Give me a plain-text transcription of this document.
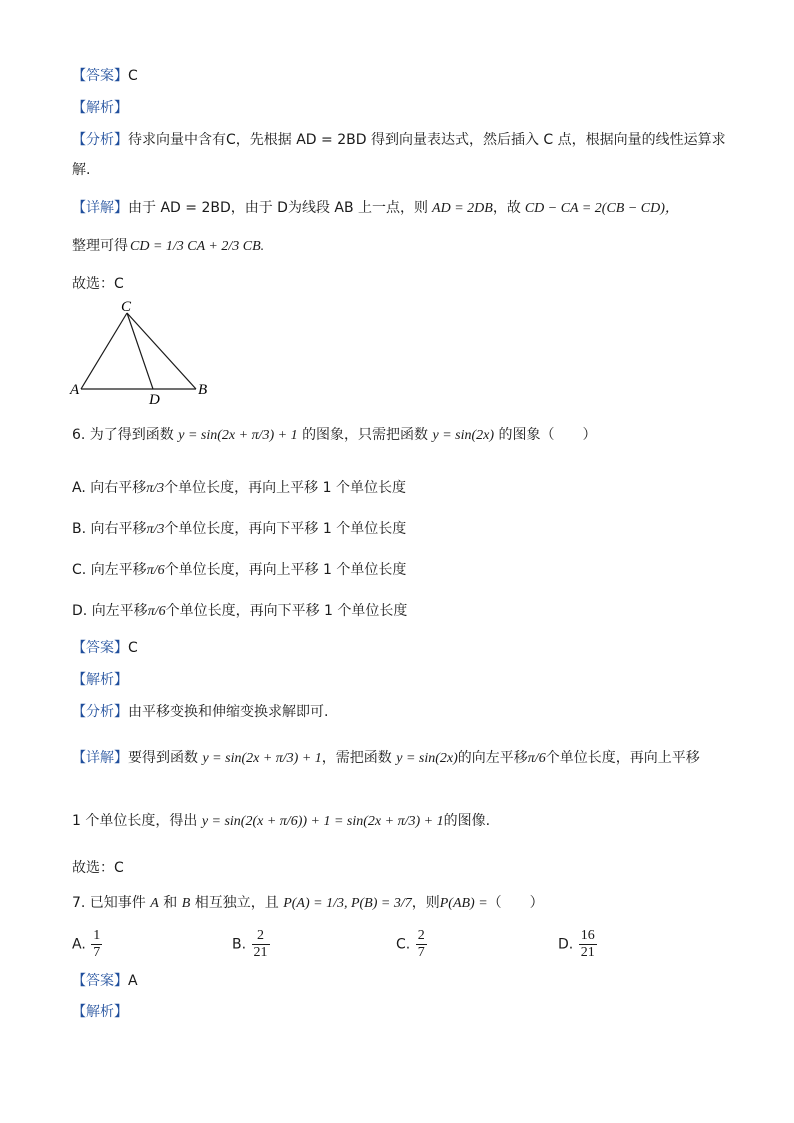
【答案】C
【解析】
【分析】待求向量中含有C，先根据 AD = 2BD 得到向量表达式，然后插入 C 点，根据向量的线性运算求
解.
【详解】由于 AD = 2BD，由于 D为线段 AB 上一点，则 AD = 2DB，故 CD − CA = 2(CB − CD)，
整理可得 CD = 1/3 CA + 2/3 CB.
故选：C
C
A	B
D
6. 为了得到函数 y = sin(2x + π/3) + 1 的图象，只需把函数 y = sin(2x) 的图象（　　）
A. 向右平移π/3个单位长度，再向上平移 1 个单位长度
B. 向右平移π/3个单位长度，再向下平移 1 个单位长度
C. 向左平移π/6个单位长度，再向上平移 1 个单位长度
D. 向左平移π/6个单位长度，再向下平移 1 个单位长度
【答案】C
【解析】
【分析】由平移变换和伸缩变换求解即可.
【详解】要得到函数 y = sin(2x + π/3) + 1，需把函数 y = sin(2x)的向左平移π/6个单位长度，再向上平移
1 个单位长度，得出 y = sin(2(x + π/6)) + 1 = sin(2x + π/3) + 1的图像.
故选：C
7. 已知事件 A 和 B 相互独立，且 P(A) = 1/3, P(B) = 3/7，则P(AB) =（　　）
A. $\frac{1}{7}$	B. $\frac{2}{21}$	C. $\frac{2}{7}$	D. $\frac{16}{21}$
【答案】A
【解析】
